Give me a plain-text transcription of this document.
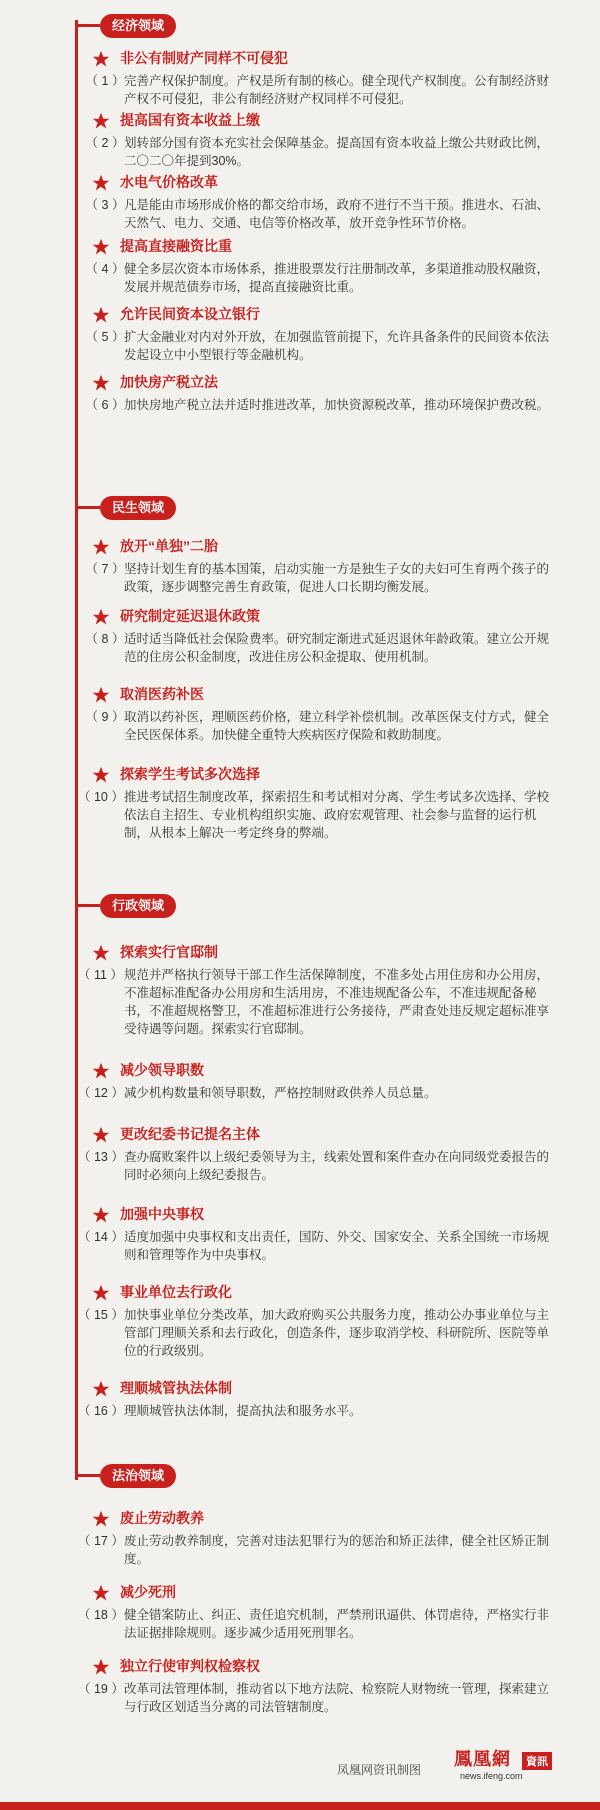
经济领域
非公有制财产同样不可侵犯
（ 1 ） 完善产权保护制度。产权是所有制的核心。健全现代产权制度。公有制经济财产权不可侵犯，非公有制经济财产权同样不可侵犯。
提高国有资本收益上缴
（ 2 ） 划转部分国有资本充实社会保障基金。提高国有资本收益上缴公共财政比例，二〇二〇年提到30%。
水电气价格改革
（ 3 ） 凡是能由市场形成价格的都交给市场，政府不进行不当干预。推进水、石油、天然气、电力、交通、电信等价格改革，放开竞争性环节价格。
提高直接融资比重
（ 4 ） 健全多层次资本市场体系，推进股票发行注册制改革，多渠道推动股权融资，发展并规范债券市场，提高直接融资比重。
允许民间资本设立银行
（ 5 ） 扩大金融业对内对外开放，在加强监管前提下，允许具备条件的民间资本依法发起设立中小型银行等金融机构。
加快房产税立法
（ 6 ） 加快房地产税立法并适时推进改革，加快资源税改革，推动环境保护费改税。
民生领域
放开“单独”二胎
（ 7 ） 坚持计划生育的基本国策，启动实施一方是独生子女的夫妇可生育两个孩子的政策，逐步调整完善生育政策，促进人口长期均衡发展。
研究制定延迟退休政策
（ 8 ） 适时适当降低社会保险费率。研究制定渐进式延迟退休年龄政策。建立公开规范的住房公积金制度，改进住房公积金提取、使用机制。
取消医药补医
（ 9 ） 取消以药补医，理顺医药价格，建立科学补偿机制。改革医保支付方式，健全全民医保体系。加快健全重特大疾病医疗保险和救助制度。
探索学生考试多次选择
（ 10 ） 推进考试招生制度改革，探索招生和考试相对分离、学生考试多次选择、学校依法自主招生、专业机构组织实施、政府宏观管理、社会参与监督的运行机制，从根本上解决一考定终身的弊端。
行政领域
探索实行官邸制
（ 11 ） 规范并严格执行领导干部工作生活保障制度，不准多处占用住房和办公用房，不准超标准配备办公用房和生活用房，不准违规配备公车，不准违规配备秘书，不准超规格警卫，不准超标准进行公务接待，严肃查处违反规定超标准享受待遇等问题。探索实行官邸制。
减少领导职数
（ 12 ） 减少机构数量和领导职数，严格控制财政供养人员总量。
更改纪委书记提名主体
（ 13 ） 查办腐败案件以上级纪委领导为主，线索处置和案件查办在向同级党委报告的同时必须向上级纪委报告。
加强中央事权
（ 14 ） 适度加强中央事权和支出责任，国防、外交、国家安全、关系全国统一市场规则和管理等作为中央事权。
事业单位去行政化
（ 15 ） 加快事业单位分类改革，加大政府购买公共服务力度，推动公办事业单位与主管部门理顺关系和去行政化，创造条件，逐步取消学校、科研院所、医院等单位的行政级别。
理顺城管执法体制
（ 16 ） 理顺城管执法体制，提高执法和服务水平。
法治领域
废止劳动教养
（ 17 ） 废止劳动教养制度，完善对违法犯罪行为的惩治和矫正法律，健全社区矫正制度。
减少死刑
（ 18 ） 健全错案防止、纠正、责任追究机制，严禁刑讯逼供、体罚虐待，严格实行非法证据排除规则。逐步减少适用死刑罪名。
独立行使审判权检察权
（ 19 ） 改革司法管理体制，推动省以下地方法院、检察院人财物统一管理，探索建立与行政区划适当分离的司法管辖制度。
凤凰网资讯制图 鳳凰網	資訊
news.ifeng.com
